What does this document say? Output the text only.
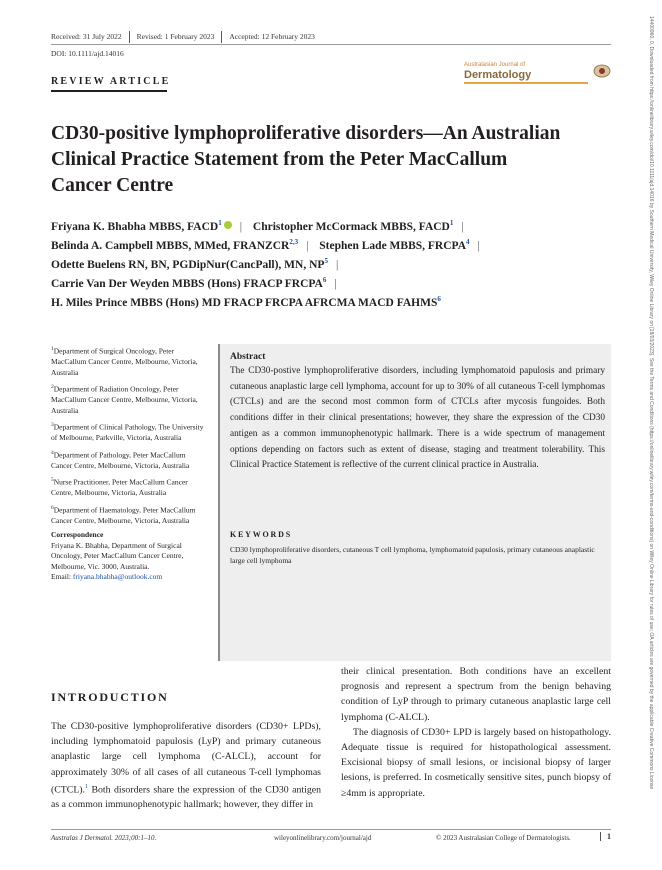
Received: 31 July 2022	Revised: 1 February 2023	Accepted: 12 February 2023
DOI: 10.1111/ajd.14016
REVIEW ARTICLE
Australasian Journal of
Dermatology
CD30-positive lymphoproliferative disorders—An Australian Clinical Practice Statement from the Peter MacCallum Cancer Centre
Friyana K. Bhabha MBBS, FACD$^1$ | Christopher McCormack MBBS, FACD$^1$ |
Belinda A. Campbell MBBS, MMed, FRANZCR$^{2,3}$ | Stephen Lade MBBS, FRCPA$^4$ |
Odette Buelens RN, BN, PGDipNur(CancPall), MN, $NP^5$ |
Carrie Van Der Weyden MBBS (Hons) FRACP FRCPA$^6$ |
H. Miles Prince MBBS (Hons) MD FRACP FRCPA AFRCMA MACD FAHMS$^6$

$^1$Department of Surgical Oncology, Peter MacCallum Cancer Centre, Melbourne, Victoria, Australia

$^2$Department of Radiation Oncology, Peter MacCallum Cancer Centre, Melbourne, Victoria, Australia

$^3$Department of Clinical Pathology, The University of Melbourne, Parkville, Victoria, Australia

$^4$Department of Pathology, Peter MacCallum Cancer Centre, Melbourne, Victoria, Australia

$^5$Nurse Practitioner, Peter MacCallum Cancer Centre, Melbourne, Victoria, Australia

$^6$Department of Haematology, Peter MacCallum Cancer Centre, Melbourne, Victoria, Australia

Correspondence
Friyana K. Bhabha, Department of Surgical Oncology, Peter MacCallum Cancer Centre, Melbourne, Vic. 3000, Australia.
Email: friyana.bhabha@outlook.com
Abstract
The CD30-postive lymphoproliferative disorders, including lymphomatoid papulosis and primary cutaneous anaplastic large cell lymphoma, account for up to 30% of all cutaneous T-cell lymphomas (CTCLs) and are the second most common form of CTCLs after mycosis fungoides. Both conditions differ in their clinical presentations; however, they share the expression of the CD30 antigen as a common immunophenotypic hallmark. There is a wide spectrum of management options depending on factors such as extent of disease, staging and treatment tolerability. This Clinical Practice Statement is reflective of the current clinical practice in Australia.
KEYWORDS
CD30 lymphoproliferative disorders, cutaneous T cell lymphoma, lymphomatoid papulosis, primary cutaneous anaplastic large cell lymphoma
INTRODUCTION
The CD30-positive lymphoproliferative disorders (CD30+ LPDs), including lymphomatoid papulosis (LyP) and primary cutaneous anaplastic large cell lymphoma (C-ALCL), account for approximately 30% of all cases of all cutaneous T-cell lymphomas (CTCL).$^1$ Both disorders share the expression of the CD30 antigen as a common immunophenotypic hallmark; however, they differ in

their clinical presentation. Both conditions have an excellent prognosis and represent a spectrum from the benign behaving condition of LyP through to primary cutaneous anaplastic large cell lymphoma (C-ALCL).

The diagnosis of CD30+ LPD is largely based on histopathology. Adequate tissue is required for histopathological assessment. Excisional biopsy of small lesions, or incisional biopsy of larger lesions, is preferred. In cosmetically sensitive sites, punch biopsy of ≥4mm is appropriate.

Australas J Dermatol. 2023;00:1–10.	wileyonlinelibrary.com/journal/ajd	© 2023 Australasian College of Dermatologists.	1
14400960, 0, Downloaded from https://onlinelibrary.wiley.com/doi/10.1111/ajd.14016 by Southern Medical University, Wiley Online Library on [18/03/2023]. See the Terms and Conditions (https://onlinelibrary.wiley.com/terms-and-conditions) on Wiley Online Library for rules of use; OA articles are governed by the applicable Creative Commons License
